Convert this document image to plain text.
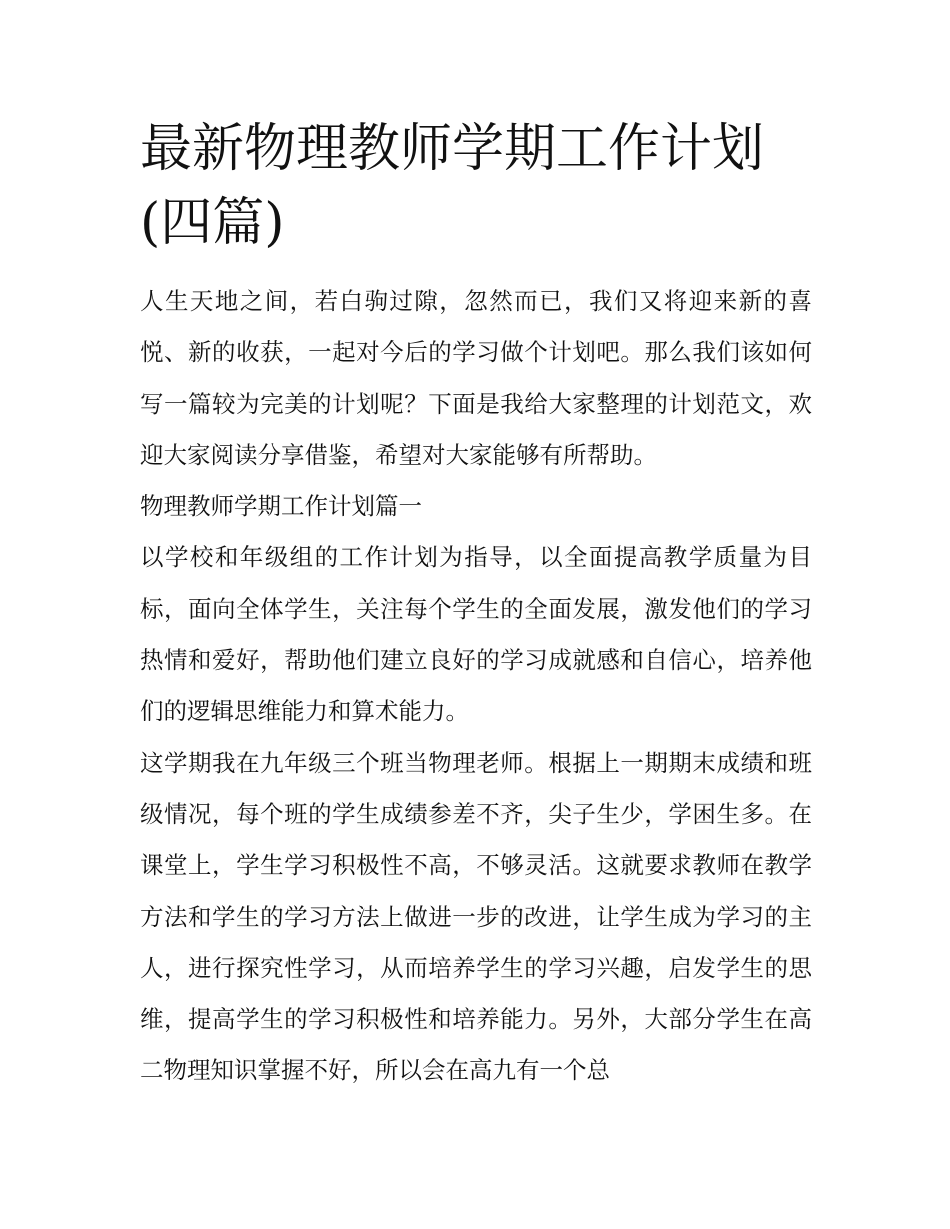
最新物理教师学期工作计划(四篇)

人生天地之间，若白驹过隙，忽然而已，我们又将迎来新的喜悦、新的收获，一起对今后的学习做个计划吧。那么我们该如何写一篇较为完美的计划呢？下面是我给大家整理的计划范文，欢迎大家阅读分享借鉴，希望对大家能够有所帮助。

物理教师学期工作计划篇一

以学校和年级组的工作计划为指导，以全面提高教学质量为目标，面向全体学生，关注每个学生的全面发展，激发他们的学习热情和爱好，帮助他们建立良好的学习成就感和自信心，培养他们的逻辑思维能力和算术能力。

这学期我在九年级三个班当物理老师。根据上一期期末成绩和班级情况，每个班的学生成绩参差不齐，尖子生少，学困生多。在课堂上，学生学习积极性不高，不够灵活。这就要求教师在教学方法和学生的学习方法上做进一步的改进，让学生成为学习的主人，进行探究性学习，从而培养学生的学习兴趣，启发学生的思维，提高学生的学习积极性和培养能力。另外，大部分学生在高二物理知识掌握不好，所以会在高九有一个总
